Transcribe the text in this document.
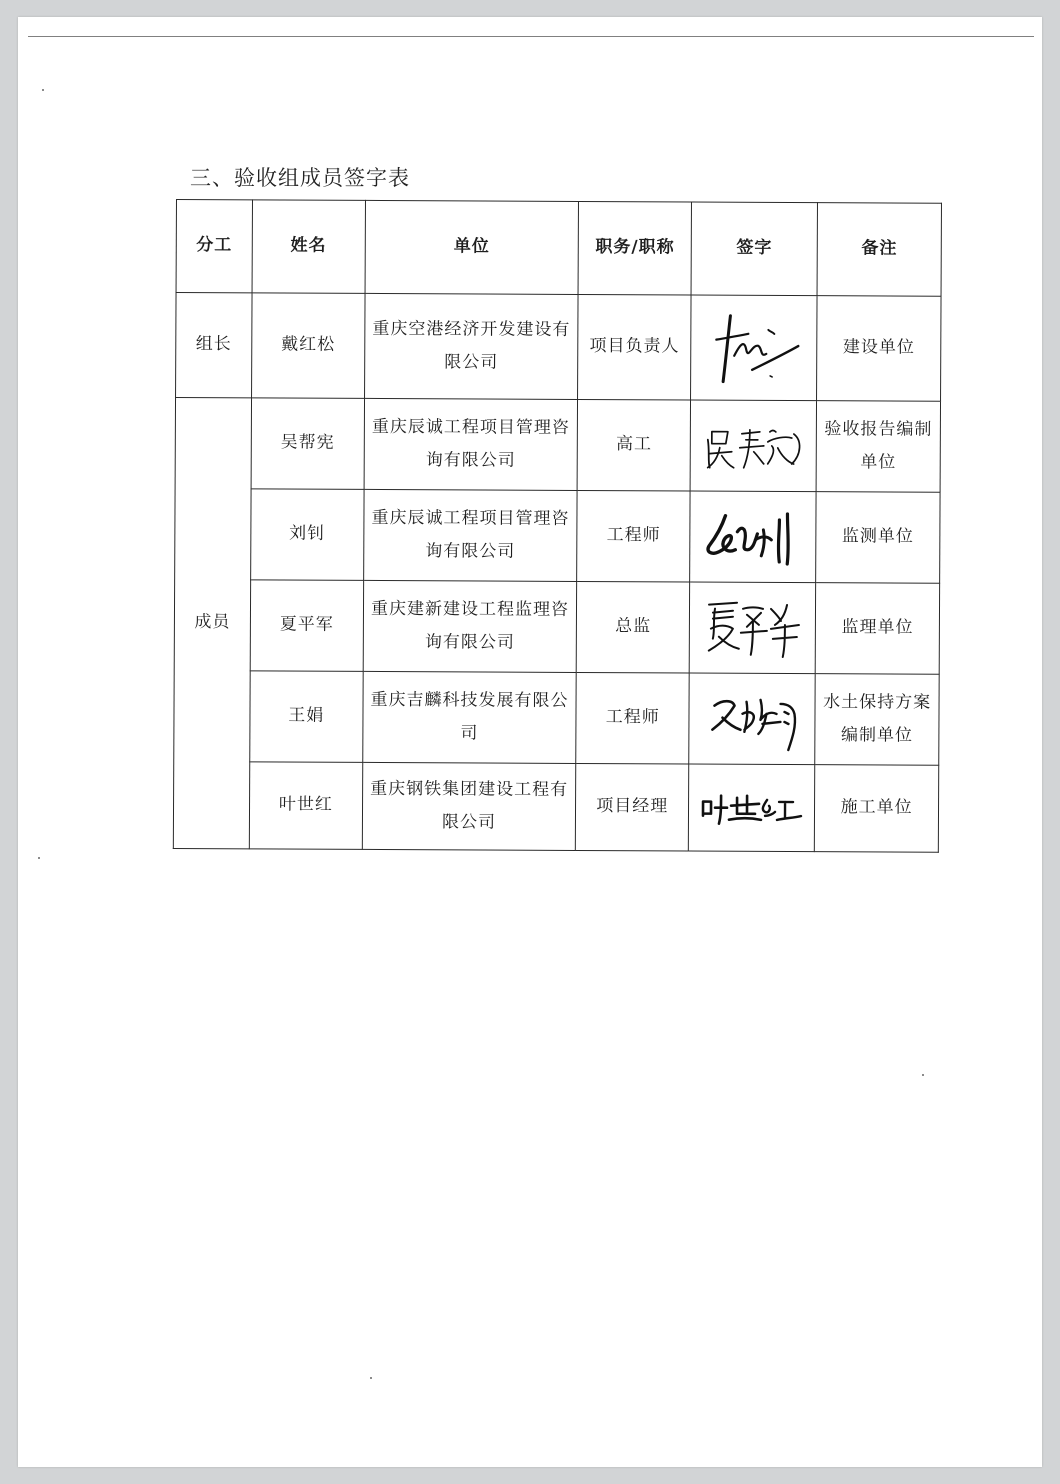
三、验收组成员签字表
分工	姓名	单位	职务/职称	签字	备注
组长	戴红松	重庆空港经济开发建设有限公司	项目负责人		建设单位
成员	吴帮宪	重庆辰诚工程项目管理咨询有限公司	高工		验收报告编制单位
	刘钊	重庆辰诚工程项目管理咨询有限公司	工程师		监测单位
	夏平军	重庆建新建设工程监理咨询有限公司	总监		监理单位
	王娟	重庆吉麟科技发展有限公司	工程师		水土保持方案编制单位
	叶世红	重庆钢铁集团建设工程有限公司	项目经理		施工单位
